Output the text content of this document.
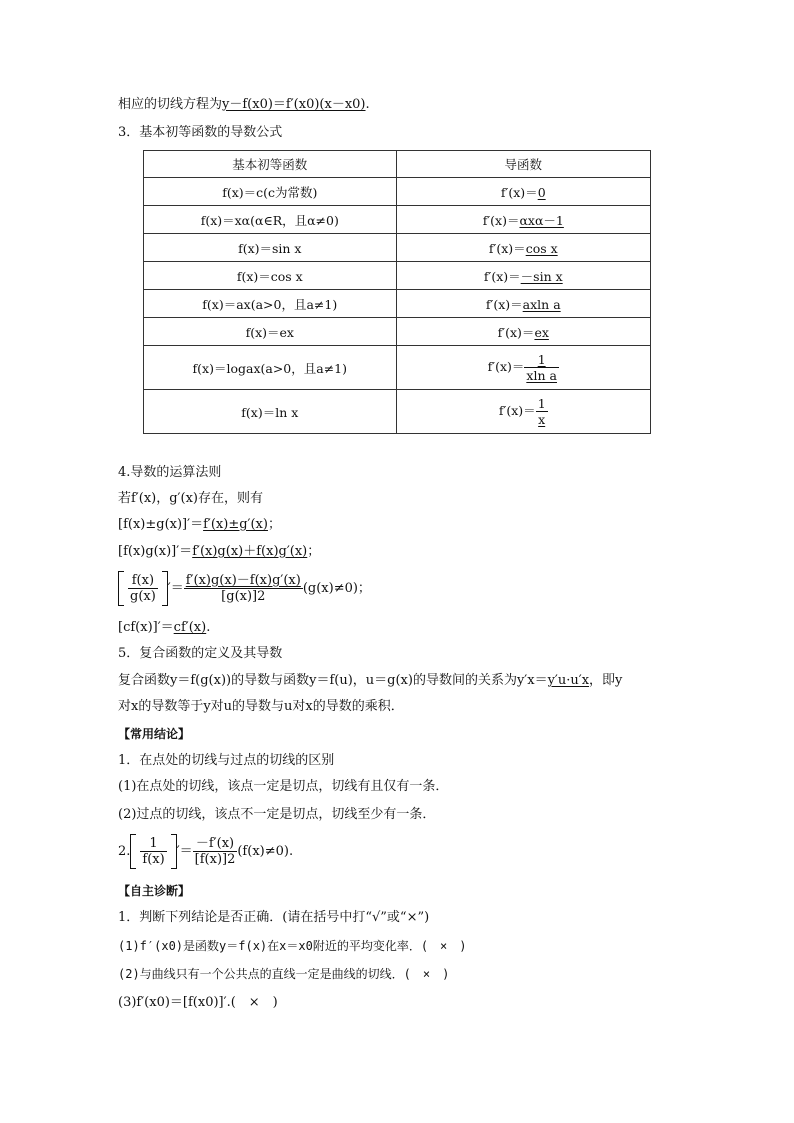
相应的切线方程为y－f(x0)＝f′(x0)(x－x0).
3．基本初等函数的导数公式
基本初等函数	导函数
f(x)＝c(c为常数)	f′(x)＝0
f(x)＝xα(α∈R，且α≠0)	f′(x)＝αxα－1
f(x)＝sin x	f′(x)＝cos x
f(x)＝cos x	f′(x)＝－sin x
f(x)＝ax(a>0，且a≠1)	f′(x)＝axln a
f(x)＝ex	f′(x)＝ex
f(x)＝logax(a>0，且a≠1)	$f'(x)= \frac{1}{\text{xln a}}$

f(x)＝ln x	$f'(x)= \frac{1}{x}$
4.导数的运算法则
若f′(x)，g′(x)存在，则有
[f(x)±g(x)]′＝f′(x)±g′(x)；
[f(x)g(x)]′＝f′(x)g(x)＋f(x)g′(x)；
$\frac{f(x)}{g(x)}$ ′＝ $\frac{f'(x)g(x)-f(x)g'(x)}{[g(x)]2} (g(x)\ne 0)$；
[cf(x)]′＝cf′(x).
5．复合函数的定义及其导数
复合函数y＝f(g(x))的导数与函数y＝f(u)，u＝g(x)的导数间的关系为y′x＝y′u·u′x，即y
对x的导数等于y对u的导数与u对x的导数的乘积．
【常用结论】
1．在点处的切线与过点的切线的区别
(1)在点处的切线，该点一定是切点，切线有且仅有一条．
(2)过点的切线，该点不一定是切点，切线至少有一条．
2. $\frac{1}{f(x)}$ ′＝ $\frac{-f'(x)}{[f(x)]2} (f(x)\ne 0)$.
【自主诊断】
1．判断下列结论是否正确．(请在括号中打“√”或“×”)
(1)f′(x0)是函数y＝f(x)在x＝x0附近的平均变化率．(　×　)
(2)与曲线只有一个公共点的直线一定是曲线的切线．(　×　)
(3)f′(x0)＝[f(x0)]′.(　×　)
